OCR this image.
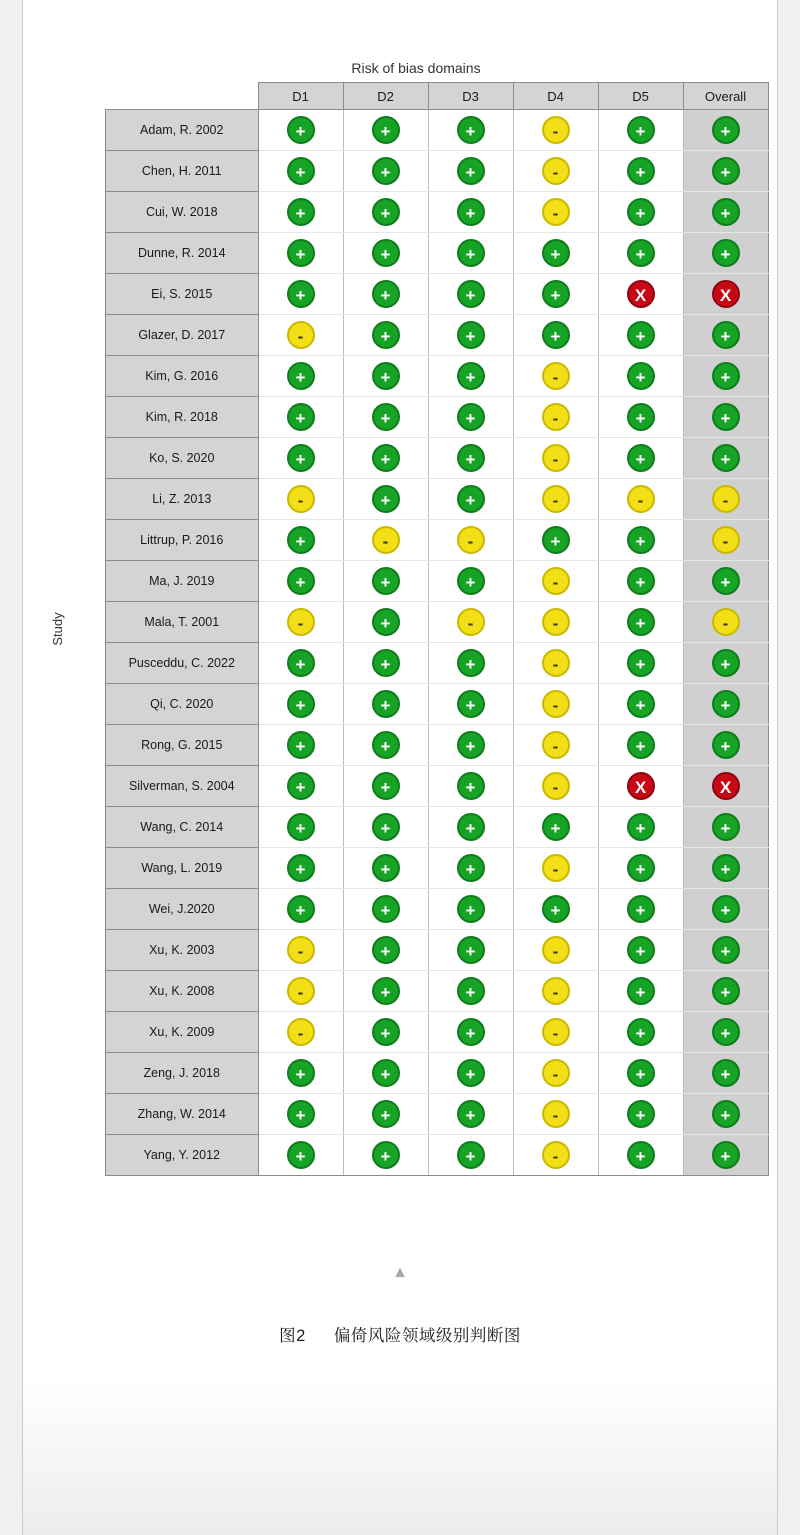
Risk of bias domains
Study
	D1	D2	D3	D4	D5	Overall
Adam, R. 2002	+	+	+	-	+	+
Chen, H. 2011	+	+	+	-	+	+
Cui, W. 2018	+	+	+	-	+	+
Dunne, R. 2014	+	+	+	+	+	+
Ei, S. 2015	+	+	+	+	X	X
Glazer, D. 2017	-	+	+	+	+	+
Kim, G. 2016	+	+	+	-	+	+
Kim, R. 2018	+	+	+	-	+	+
Ko, S. 2020	+	+	+	-	+	+
Li, Z. 2013	-	+	+	-	-	-
Littrup, P. 2016	+	-	-	+	+	-
Ma, J. 2019	+	+	+	-	+	+
Mala, T. 2001	-	+	-	-	+	-
Pusceddu, C. 2022	+	+	+	-	+	+
Qi, C. 2020	+	+	+	-	+	+
Rong, G. 2015	+	+	+	-	+	+
Silverman, S. 2004	+	+	+	-	X	X
Wang, C. 2014	+	+	+	+	+	+
Wang, L. 2019	+	+	+	-	+	+
Wei, J.2020	+	+	+	+	+	+
Xu, K. 2003	-	+	+	-	+	+
Xu, K. 2008	-	+	+	-	+	+
Xu, K. 2009	-	+	+	-	+	+
Zeng, J. 2018	+	+	+	-	+	+
Zhang, W. 2014	+	+	+	-	+	+
Yang, Y. 2012	+	+	+	-	+	+
▲
图2 偏倚风险领域级别判断图
